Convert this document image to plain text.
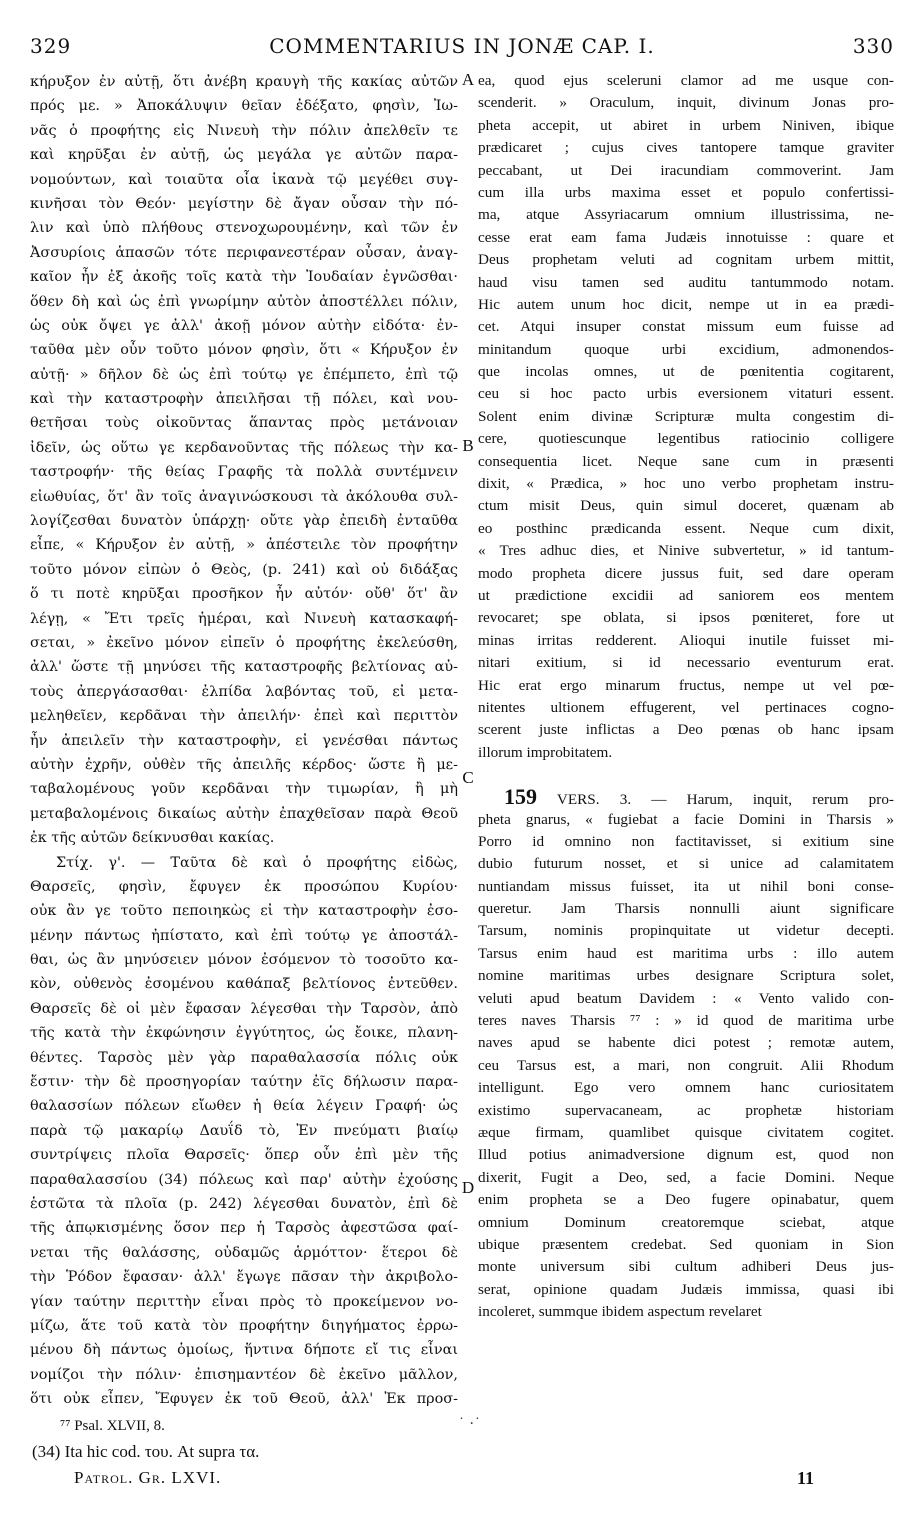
329	COMMENTARIUS IN JONÆ CAP. I.	330
κήρυξον ἐν αὐτῇ, ὅτι ἀνέβη κραυγὴ τῆς κακίας αὐτῶν
πρός με. » Ἀποκάλυψιν θεῖαν ἐδέξατο, φησὶν, Ἰω-
νᾶς ὁ προφήτης εἰς Νινευὴ τὴν πόλιν ἀπελθεῖν τε
καὶ κηρῦξαι ἐν αὐτῇ, ὡς μεγάλα γε αὐτῶν παρα-
νομούντων, καὶ τοιαῦτα οἷα ἱκανὰ τῷ μεγέθει συγ-
κινῆσαι τὸν Θεόν· μεγίστην δὲ ἄγαν οὖσαν τὴν πό-
λιν καὶ ὑπὸ πλήθους στενοχωρουμένην, καὶ τῶν ἐν
Ἀσσυρίοις ἁπασῶν τότε περιφανεστέραν οὖσαν, ἀναγ-
καῖον ἦν ἐξ ἀκοῆς τοῖς κατὰ τὴν Ἰουδαίαν ἐγνῶσθαι·
ὅθεν δὴ καὶ ὡς ἐπὶ γνωρίμην αὐτὸν ἀποστέλλει πόλιν,
ὡς οὐκ ὄψει γε ἀλλ' ἀκοῇ μόνον αὐτὴν εἰδότα· ἐν-
ταῦθα μὲν οὖν τοῦτο μόνον φησὶν, ὅτι « Κήρυξον ἐν
αὐτῇ· » δῆλον δὲ ὡς ἐπὶ τούτῳ γε ἐπέμπετο, ἐπὶ τῷ
καὶ τὴν καταστροφὴν ἀπειλῆσαι τῇ πόλει, καὶ νου-
θετῆσαι τοὺς οἰκοῦντας ἅπαντας πρὸς μετάνοιαν
ἰδεῖν, ὡς οὕτω γε κερδανοῦντας τῆς πόλεως τὴν κα-
ταστροφήν· τῆς θείας Γραφῆς τὰ πολλὰ συντέμνειν
εἰωθυίας, ὅτ' ἂν τοῖς ἀναγινώσκουσι τὰ ἀκόλουθα συλ-
λογίζεσθαι δυνατὸν ὑπάρχῃ· οὔτε γὰρ ἐπειδὴ ἐνταῦθα
εἶπε, « Κήρυξον ἐν αὐτῇ, » ἀπέστειλε τὸν προφήτην
τοῦτο μόνον εἰπὼν ὁ Θεὸς, (p. 241) καὶ οὐ διδάξας
ὅ τι ποτὲ κηρῦξαι προσῆκον ἦν αὐτόν· οὔθ' ὅτ' ἂν
λέγῃ, « Ἔτι τρεῖς ἡμέραι, καὶ Νινευὴ κατασκαφή-
σεται, » ἐκεῖνο μόνον εἰπεῖν ὁ προφήτης ἐκελεύσθη,
ἀλλ' ὥστε τῇ μηνύσει τῆς καταστροφῆς βελτίονας αὐ-
τοὺς ἀπεργάσασθαι· ἐλπίδα λαβόντας τοῦ, εἰ μετα-
μεληθεῖεν, κερδᾶναι τὴν ἀπειλήν· ἐπεὶ καὶ περιττὸν
ἦν ἀπειλεῖν τὴν καταστροφὴν, εἰ γενέσθαι πάντως
αὐτὴν ἐχρῆν, οὐθὲν τῆς ἀπειλῆς κέρδος· ὥστε ἢ με-
ταβαλομένους γοῦν κερδᾶναι τὴν τιμωρίαν, ἢ μὴ
μεταβαλομένοις δικαίως αὐτὴν ἐπαχθεῖσαν παρὰ Θεοῦ
ἐκ τῆς αὐτῶν δείκνυσθαι κακίας.
Στίχ. γ'. — Ταῦτα δὲ καὶ ὁ προφήτης εἰδὼς,
Θαρσεῖς, φησὶν, ἔφυγεν ἐκ προσώπου Κυρίου·
οὐκ ἂν γε τοῦτο πεποιηκὼς εἰ τὴν καταστροφὴν ἐσο-
μένην πάντως ἠπίστατο, καὶ ἐπὶ τούτῳ γε ἀποστάλ-
θαι, ὡς ἂν μηνύσειεν μόνον ἐσόμενον τὸ τοσοῦτο κα-
κὸν, οὐθενὸς ἐσομένου καθάπαξ βελτίονος ἐντεῦθεν.
Θαρσεῖς δὲ οἱ μὲν ἔφασαν λέγεσθαι τὴν Ταρσὸν, ἀπὸ
τῆς κατὰ τὴν ἐκφώνησιν ἐγγύτητος, ὡς ἔοικε, πλανη-
θέντες. Ταρσὸς μὲν γὰρ παραθαλασσία πόλις οὐκ
ἔστιν· τὴν δὲ προσηγορίαν ταύτην ἐῖς δήλωσιν παρα-
θαλασσίων πόλεων εἴωθεν ἡ θεία λέγειν Γραφή· ὡς
παρὰ τῷ μακαρίῳ Δαυΐδ τὸ, Ἐν πνεύματι βιαίῳ
συντρίψεις πλοῖα Θαρσεῖς· ὅπερ οὖν ἐπὶ μὲν τῆς
παραθαλασσίου (34) πόλεως καὶ παρ' αὐτὴν ἐχούσης
ἑστῶτα τὰ πλοῖα (p. 242) λέγεσθαι δυνατὸν, ἐπὶ δὲ
τῆς ἀπῳκισμένης ὅσον περ ἡ Ταρσὸς ἀφεστῶσα φαί-
νεται τῆς θαλάσσης, οὐδαμῶς ἁρμόττον· ἕτεροι δὲ
τὴν Ῥόδον ἔφασαν· ἀλλ' ἔγωγε πᾶσαν τὴν ἀκριβολο-
γίαν ταύτην περιττὴν εἶναι πρὸς τὸ προκείμενον νο-
μίζω, ἅτε τοῦ κατὰ τὸν προφήτην διηγήματος ἐρρω-
μένου δὴ πάντως ὁμοίως, ἥντινα δήποτε εἴ τις εἶναι
νομίζοι τὴν πόλιν· ἐπισημαντέον δὲ ἐκεῖνο μᾶλλον,
ὅτι οὐκ εἶπεν, Ἔφυγεν ἐκ τοῦ Θεοῦ, ἀλλ' Ἐκ προσ-
ea, quod ejus sceleruni clamor ad me usque con-
scenderit. » Oraculum, inquit, divinum Jonas pro-
pheta accepit, ut abiret in urbem Niniven, ibique
prædicaret ; cujus cives tantopere tamque graviter
peccabant, ut Dei iracundiam commoverint. Jam
cum illa urbs maxima esset et populo confertissi-
ma, atque Assyriacarum omnium illustrissima, ne-
cesse erat eam fama Judæis innotuisse : quare et
Deus prophetam veluti ad cognitam urbem mittit,
haud visu tamen sed auditu tantummodo notam.
Hic autem unum hoc dicit, nempe ut in ea prædi-
cet. Atqui insuper constat missum eum fuisse ad
minitandum quoque urbi excidium, admonendos-
que incolas omnes, ut de pœnitentia cogitarent,
ceu si hoc pacto urbis eversionem vitaturi essent.
Solent enim divinæ Scripturæ multa congestim di-
cere, quotiescunque legentibus ratiocinio colligere
consequentia licet. Neque sane cum in præsenti
dixit, « Prædica, » hoc uno verbo prophetam instru-
ctum misit Deus, quin simul doceret, quænam ab
eo posthinc prædicanda essent. Neque cum dixit,
« Tres adhuc dies, et Ninive subvertetur, » id tantum-
modo propheta dicere jussus fuit, sed dare operam
ut prædictione excidii ad saniorem eos mentem
revocaret; spe oblata, si ipsos pœniteret, fore ut
minas irritas redderent. Alioqui inutile fuisset mi-
nitari exitium, si id necessario eventurum erat.
Hic erat ergo minarum fructus, nempe ut vel pœ-
nitentes ultionem effugerent, vel pertinaces cogno-
scerent juste inflictas a Deo pœnas ob hanc ipsam
illorum improbitatem.
159 VERS. 3. — Harum, inquit, rerum pro-
pheta gnarus, « fugiebat a facie Domini in Tharsis »
Porro id omnino non factitavisset, si exitium sine
dubio futurum nosset, et si unice ad calamitatem
nuntiandam missus fuisset, ita ut nihil boni conse-
queretur. Jam Tharsis nonnulli aiunt significare
Tarsum, nominis propinquitate ut videtur decepti.
Tarsus enim haud est maritima urbs : illo autem
nomine maritimas urbes designare Scriptura solet,
veluti apud beatum Davidem : « Vento valido con-
teres naves Tharsis ⁷⁷ : » id quod de maritima urbe
naves apud se habente dici potest ; remotæ autem,
ceu Tarsus est, a mari, non congruit. Alii Rhodum
intelligunt. Ego vero omnem hanc curiositatem
existimo supervacaneam, ac prophetæ historiam
æque firmam, quamlibet quisque civitatem cogitet.
Illud potius animadversione dignum est, quod non
dixerit, Fugit a Deo, sed, a facie Domini. Neque
enim propheta se a Deo fugere opinabatur, quem
omnium Dominum creatoremque sciebat, atque
ubique præsentem credebat. Sed quoniam in Sion
monte universum sibi cultum adhiberi Deus jus-
serat, opinione quadam Judæis immissa, quasi ibi
incoleret, summque ibidem aspectum revelaret
A
B
C
D
⁷⁷ Psal. XLVII, 8.	˙ ·˙
(34) Ita hic cod. του. At supra τα.
Patrol. Gr. LXVI.	11
